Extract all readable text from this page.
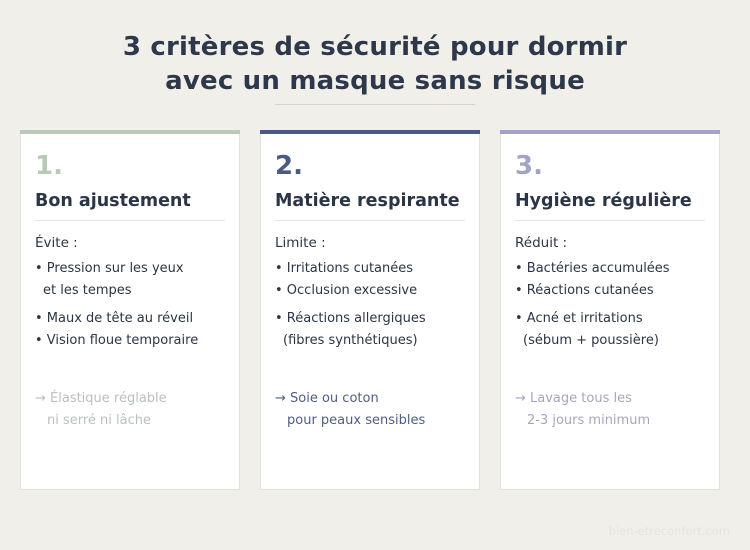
3 critères de sécurité pour dormir
avec un masque sans risque
1.
Bon ajustement
Évite :
• Pression sur les yeux
et les tempes
• Maux de tête au réveil
• Vision floue temporaire
→ Élastique réglable
ni serré ni lâche
2.
Matière respirante
Limite :
• Irritations cutanées
• Occlusion excessive
• Réactions allergiques
(fibres synthétiques)
→ Soie ou coton
pour peaux sensibles
3.
Hygiène régulière
Réduit :
• Bactéries accumulées
• Réactions cutanées
• Acné et irritations
(sébum + poussière)
→ Lavage tous les
2-3 jours minimum
bien-etreconfort.com
